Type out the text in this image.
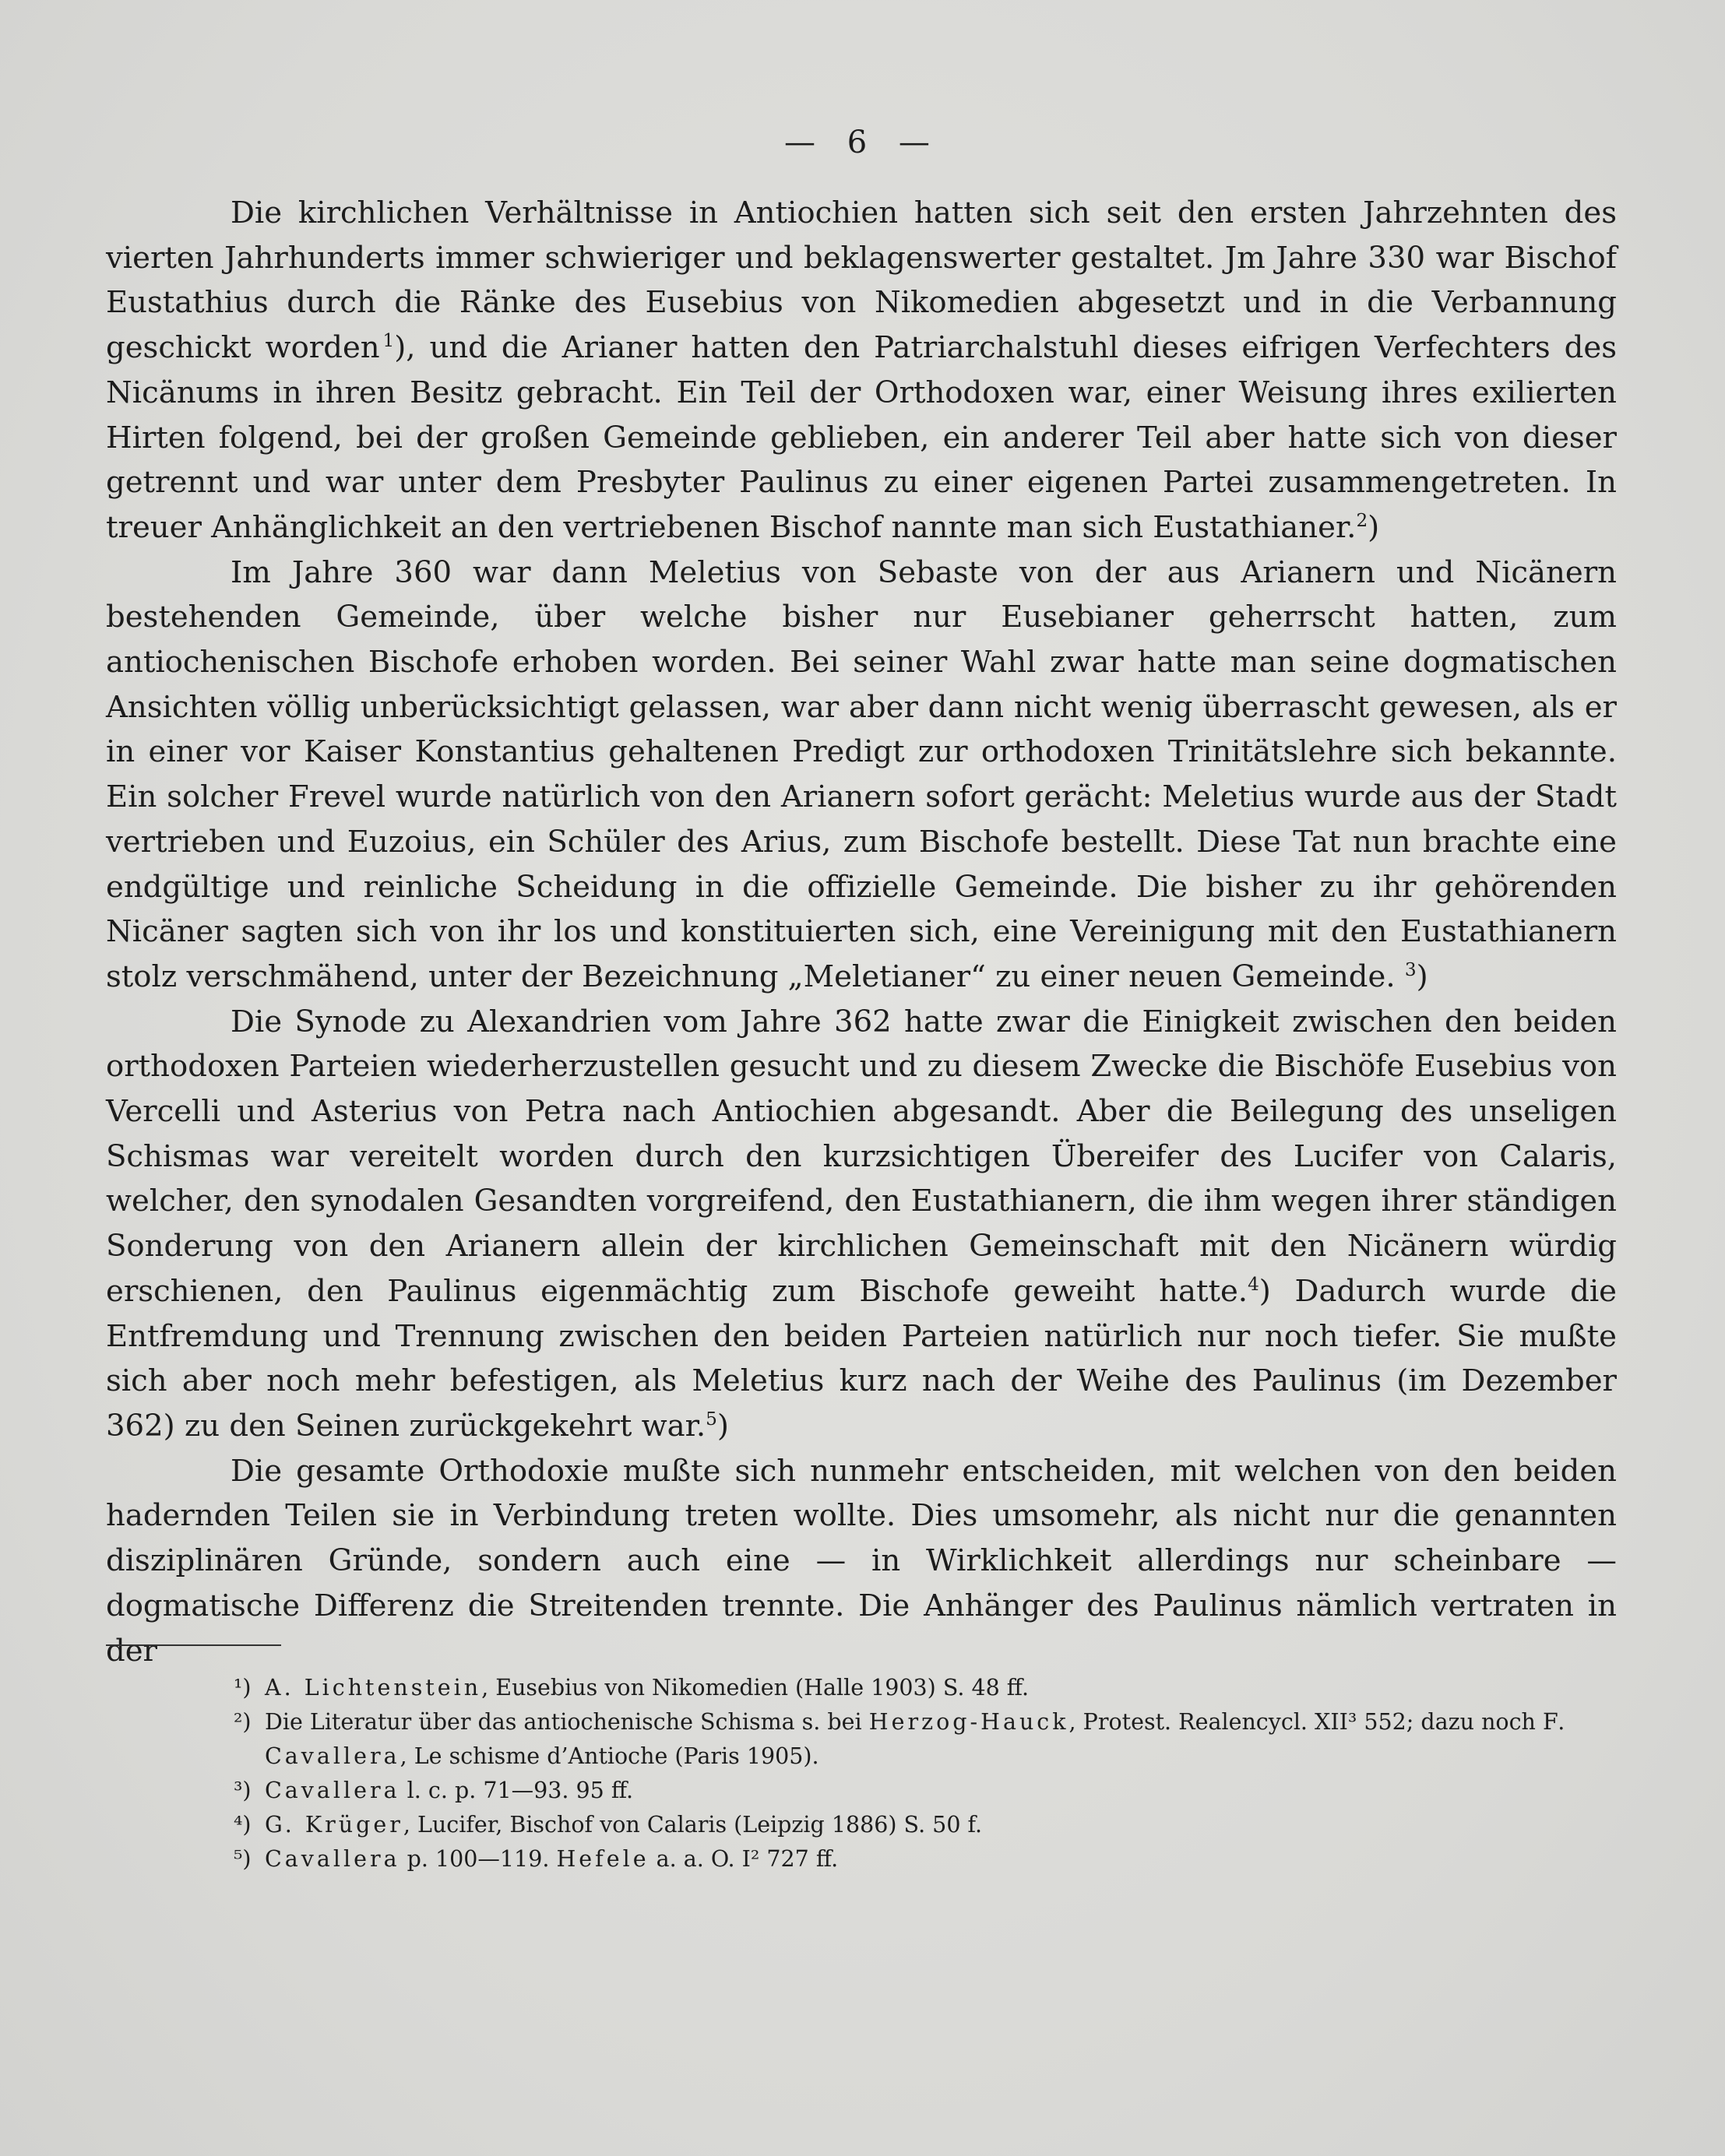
— 6 —

Die kirchlichen Verhältnisse in Antiochien hatten sich seit den ersten Jahrzehnten des vierten Jahrhunderts immer schwieriger und beklagenswerter gestaltet. Jm Jahre 330 war Bischof Eustathius durch die Ränke des Eusebius von Nikomedien abgesetzt und in die Verbannung geschickt worden  $^1$), und die Arianer hatten den Patriarchalstuhl dieses eifrigen Verfechters des Nicänums in ihren Besitz gebracht. Ein Teil der Orthodoxen war, einer Weisung ihres exilierten Hirten folgend, bei der großen Gemeinde geblieben, ein anderer Teil aber hatte sich von dieser getrennt und war unter dem Presbyter Paulinus zu einer eigenen Partei zusammengetreten. In treuer Anhänglichkeit an den vertriebenen Bischof nannte man sich Eustathianer.$^2$)

Im Jahre 360 war dann Meletius von Sebaste von der aus Arianern und Nicänern bestehenden Gemeinde, über welche bisher nur Eusebianer geherrscht hatten, zum antiochenischen Bischofe erhoben worden. Bei seiner Wahl zwar hatte man seine dogmatischen Ansichten völlig unberücksichtigt gelassen, war aber dann nicht wenig überrascht gewesen, als er in einer vor Kaiser Konstantius gehaltenen Predigt zur orthodoxen Trinitätslehre sich bekannte. Ein solcher Frevel wurde natürlich von den Arianern sofort gerächt: Meletius wurde aus der Stadt vertrieben und Euzoius, ein Schüler des Arius, zum Bischofe bestellt. Diese Tat nun brachte eine endgültige und reinliche Scheidung in die offizielle Gemeinde. Die bisher zu ihr gehörenden Nicäner sagten sich von ihr los und konstituierten sich, eine Vereinigung mit den Eustathianern stolz verschmähend, unter der Bezeichnung „Meletianer“ zu einer neuen Gemeinde. $^3$)

Die Synode zu Alexandrien vom Jahre 362 hatte zwar die Einigkeit zwischen den beiden orthodoxen Parteien wiederherzustellen gesucht und zu diesem Zwecke die Bischöfe Eusebius von Vercelli und Asterius von Petra nach Antiochien abgesandt. Aber die Beilegung des unseligen Schismas war vereitelt worden durch den kurzsichtigen Übereifer des Lucifer von Calaris, welcher, den synodalen Gesandten vorgreifend, den Eustathianern, die ihm wegen ihrer ständigen Sonderung von den Arianern allein der kirchlichen Gemeinschaft mit den Nicänern würdig erschienen, den Paulinus eigenmächtig zum Bischofe geweiht hatte.$^4$) Dadurch wurde die Entfremdung und Trennung zwischen den beiden Parteien natürlich nur noch tiefer. Sie mußte sich aber noch mehr befestigen, als Meletius kurz nach der Weihe des Paulinus (im Dezember 362) zu den Seinen zurückgekehrt war.$^5$)

Die gesamte Orthodoxie mußte sich nunmehr entscheiden, mit welchen von den beiden hadernden Teilen sie in Verbindung treten wollte. Dies umsomehr, als nicht nur die genannten disziplinären Gründe, sondern auch eine — in Wirklichkeit allerdings nur scheinbare — dogmatische Differenz die Streitenden trennte. Die Anhänger des Paulinus nämlich vertraten in der

¹) A. Lichtenstein, Eusebius von Nikomedien (Halle 1903) S. 48 ff.
²) Die Literatur über das antiochenische Schisma s. bei Herzog-Hauck, Protest. Realencycl. XII³ 552; dazu noch F. Cavallera, Le schisme d’Antioche (Paris 1905).
³) Cavallera l. c. p. 71—93. 95 ff.
⁴) G. Krüger, Lucifer, Bischof von Calaris (Leipzig 1886) S. 50 f.
⁵) Cavallera p. 100—119. Hefele a. a. O. I² 727 ff.
